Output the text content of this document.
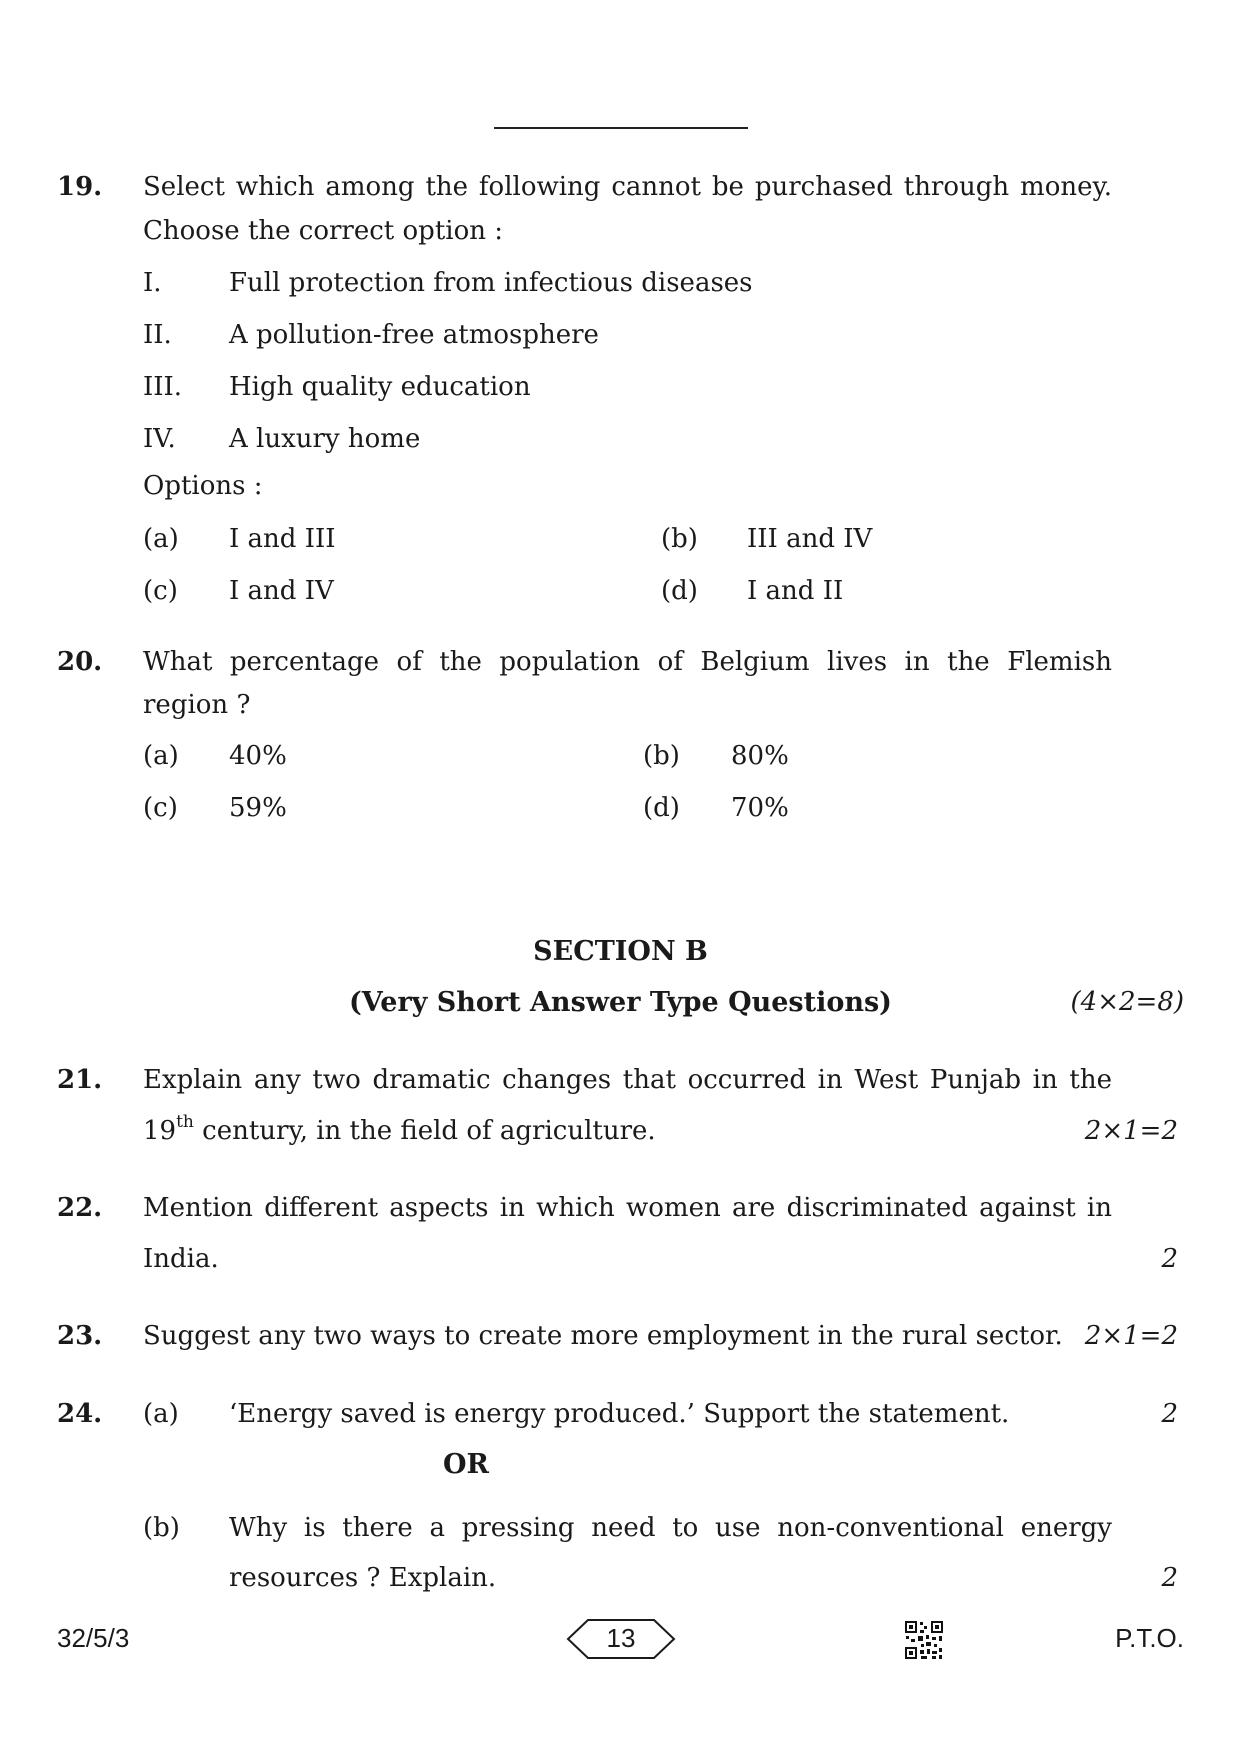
19. Select which among the following cannot be purchased through money.
Choose the correct option :
I.	Full protection from infectious diseases
II. A pollution-free atmosphere
III. High quality education
IV. A luxury home
Options :
(a) I and III	(b) III and IV
(c) I and IV	(d) I and II
20. What percentage of the population of Belgium lives in the Flemish
region ?
(a) 40%	(b) 80%
(c) 59%	(d) 70%
SECTION B
(Very Short Answer Type Questions)	(4×2=8)
21. Explain any two dramatic changes that occurred in West Punjab in the
19th century, in the field of agriculture.	2×1=2
22. Mention different aspects in which women are discriminated against in
India.	2
23. Suggest any two ways to create more employment in the rural sector. 2×1=2
24. (a) ‘Energy saved is energy produced.’ Support the statement.	2
OR
(b) Why is there a pressing need to use non-conventional energy
resources ? Explain.	2
32/5/3	13	P.T.O.
